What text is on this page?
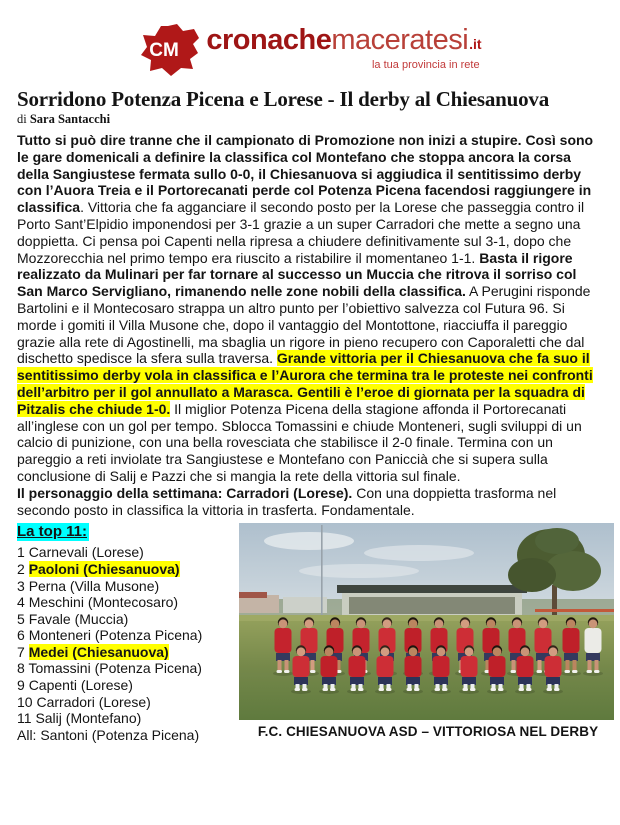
CM cronache maceratesi .it
la tua provincia in rete
Sorridono Potenza Picena e Lorese - Il derby al Chiesanuova
di Sara Santacchi

Tutto si può dire tranne che il campionato di Promozione non inizi a stupire. Così sono le gare domenicali a definire la classifica col Montefano che stoppa ancora la corsa della Sangiustese fermata sullo 0-0, il Chiesanuova si aggiudica il sentitissimo derby con l’Auora Treia e il Portorecanati perde col Potenza Picena facendosi raggiungere in classifica. Vittoria che fa agganciare il secondo posto per la Lorese che passeggia contro il Porto Sant’Elpidio imponendosi per 3-1 grazie a un super Carradori che mette a segno una doppietta. Ci pensa poi Capenti nella ripresa a chiudere definitivamente sul 3-1, dopo che Mozzorecchia nel primo tempo era riuscito a ristabilire il momentaneo 1-1. Basta il rigore realizzato da Mulinari per far tornare al successo un Muccia che ritrova il sorriso col San Marco Servigliano, rimanendo nelle zone nobili della classifica. A Perugini risponde Bartolini e il Montecosaro strappa un altro punto per l’obiettivo salvezza col Futura 96. Si morde i gomiti il Villa Musone che, dopo il vantaggio del Montottone, riacciuffa il pareggio grazie alla rete di Agostinelli, ma sbaglia un rigore in pieno recupero con Caporaletti che dal dischetto spedisce la sfera sulla traversa. Grande vittoria per il Chiesanuova che fa suo il sentitissimo derby vola in classifica e l’Aurora che termina tra le proteste nei confronti dell’arbitro per il gol annullato a Marasca. Gentili è l’eroe di giornata per la squadra di Pitzalis che chiude 1-0. Il miglior Potenza Picena della stagione affonda il Portorecanati all’inglese con un gol per tempo. Sblocca Tomassini e chiude Monteneri, sugli sviluppi di un calcio di punizione, con una bella rovesciata che stabilisce il 2-0 finale. Termina con un pareggio a reti inviolate tra Sangiustese e Montefano con Paniccià che si supera sulla conclusione di Salij e Pazzi che si mangia la rete della vittoria sul finale.

Il personaggio della settimana: Carradori (Lorese). Con una doppietta trasforma nel secondo posto in classifica la vittoria in trasferta. Fondamentale.

La top 11:
1 Carnevali (Lorese)
2 Paoloni (Chiesanuova)
3 Perna (Villa Musone)
4 Meschini (Montecosaro)
5 Favale (Muccia)
6 Monteneri (Potenza Picena)
7 Medei (Chiesanuova)
8 Tomassini (Potenza Picena)
9 Capenti (Lorese)
10 Carradori (Lorese)
11 Salij (Montefano)
All: Santoni (Potenza Picena)	F.C. CHIESANUOVA ASD – VITTORIOSA NEL DERBY
